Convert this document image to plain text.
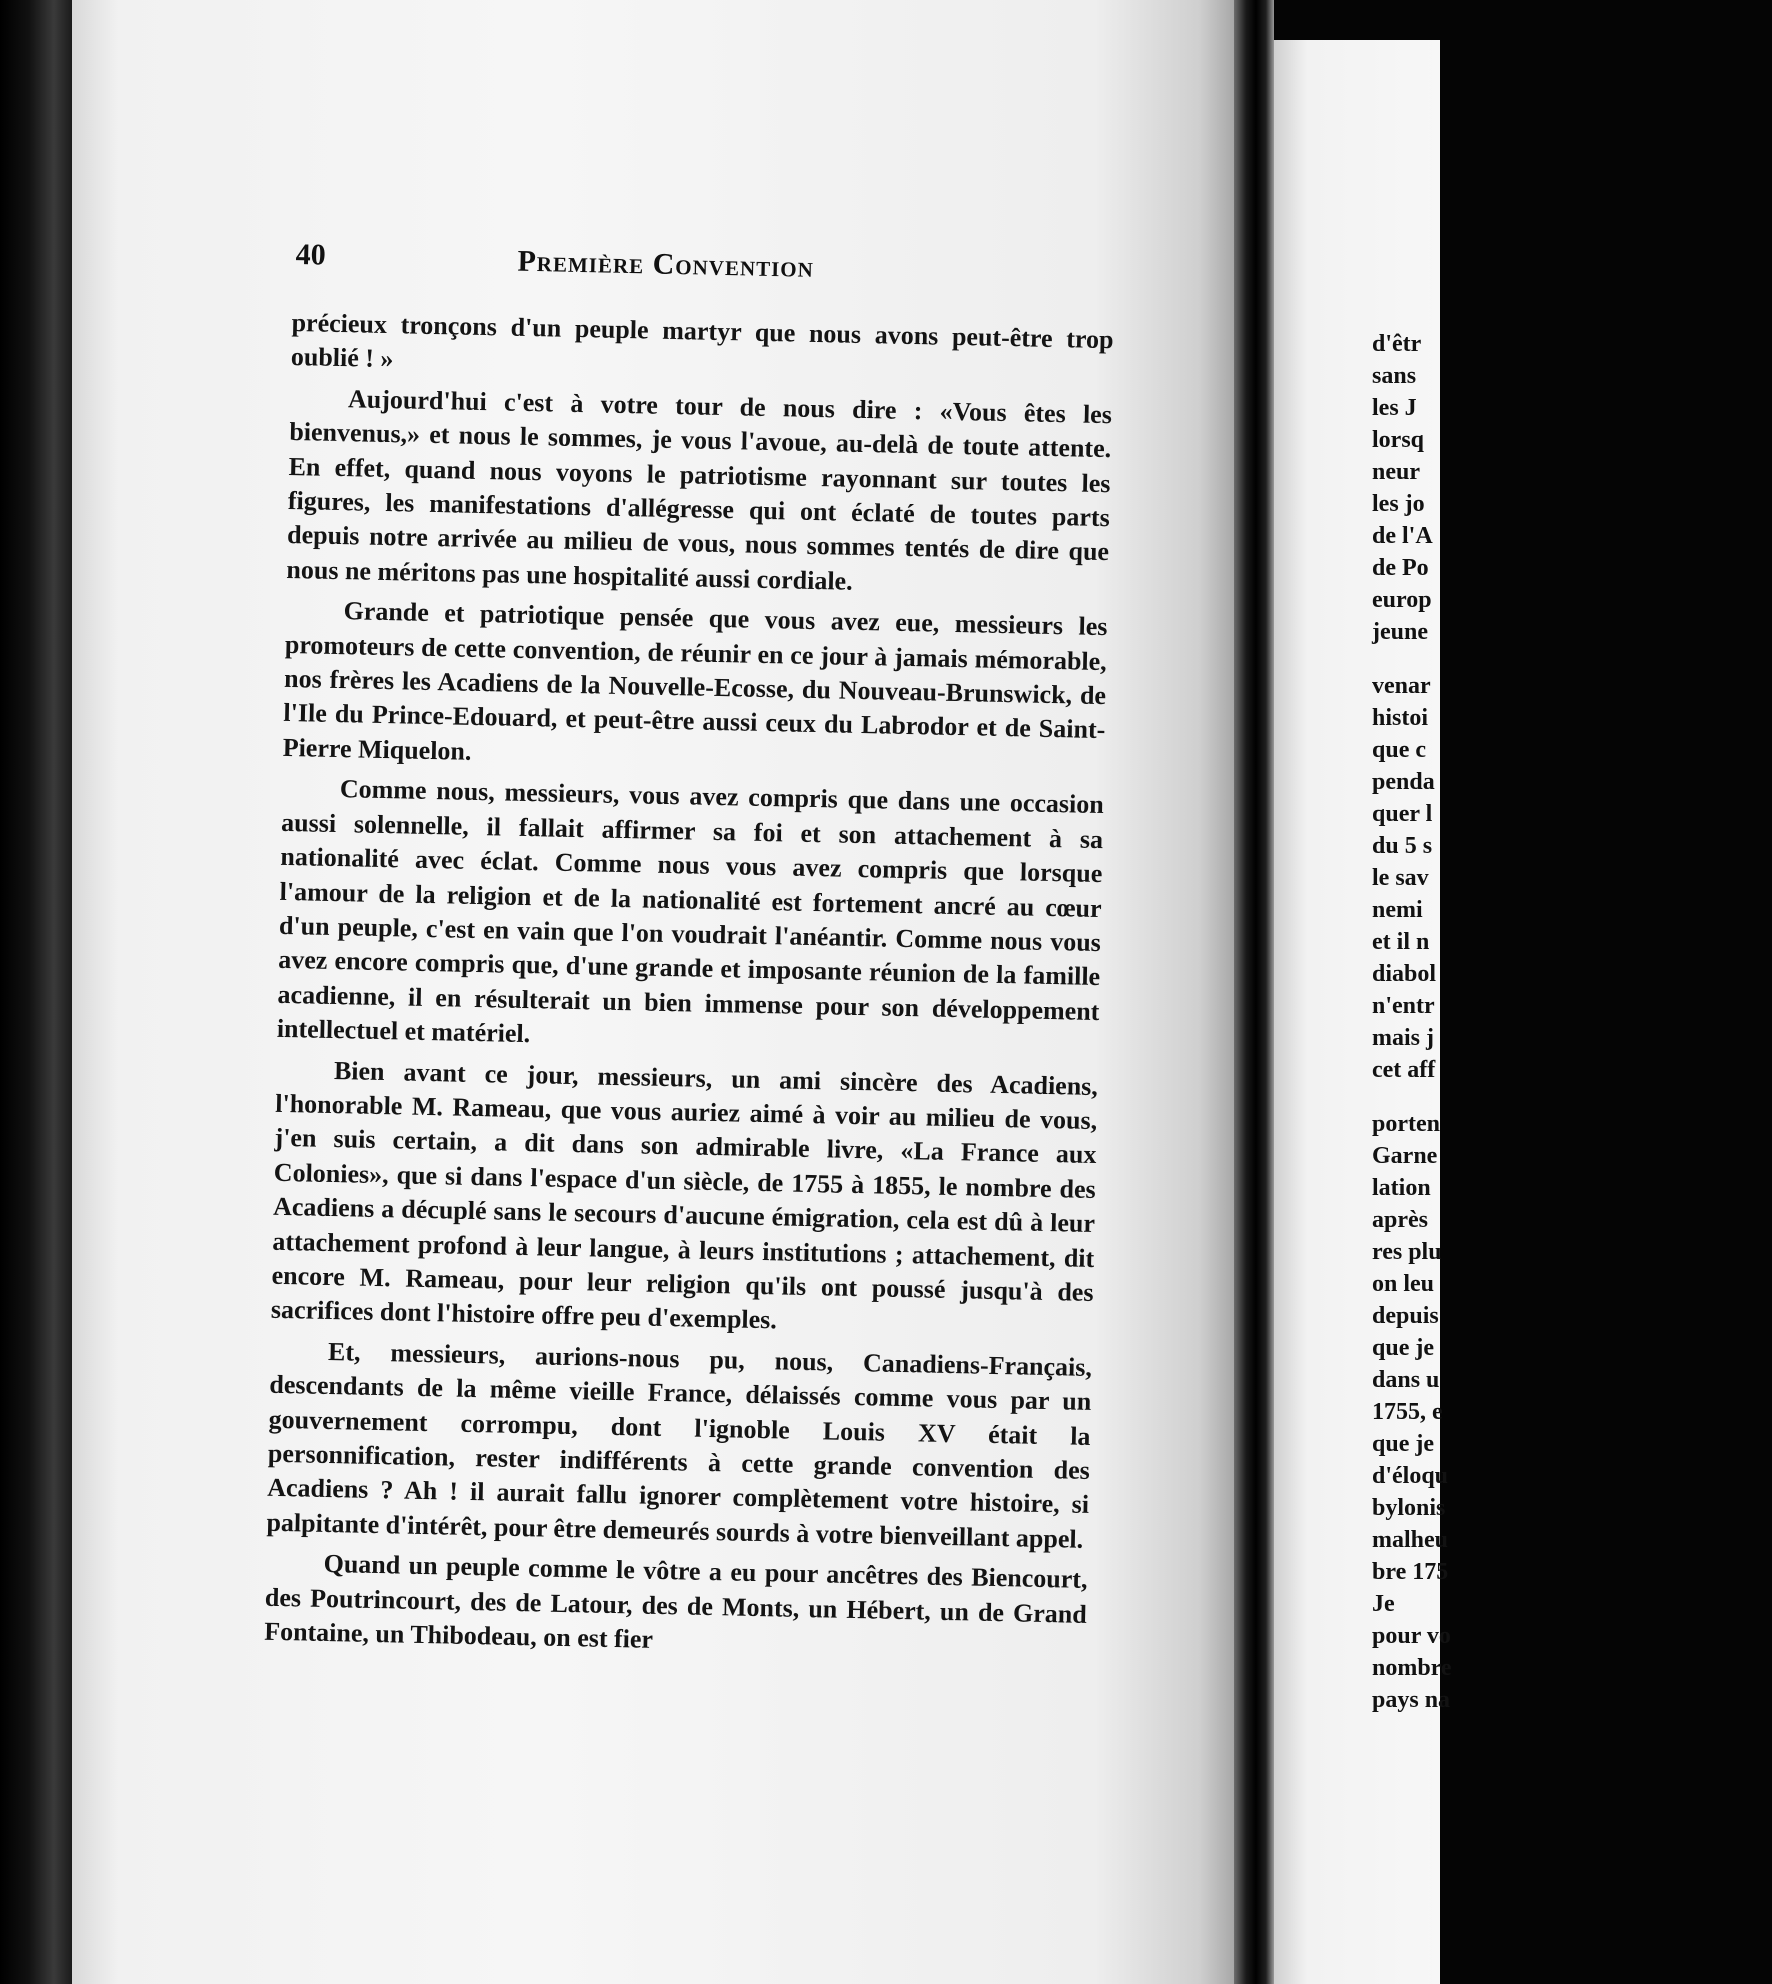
d'êtr
sans
les J
lorsq
neur
les jo
de l'A
de Po
europ
jeune
venar
histoi
que c
penda
quer l
du 5 s
le sav
nemi
et il n
diabol
n'entr
mais j
cet aff
porten
Garne
lation
après
res plu
on leu
depuis
que je
dans u
1755, e
que je
d'éloqu
bylonis
malheu
bre 175
Je
pour vo
nombre
pays na
40	Première Convention

précieux tronçons d'un peuple martyr que nous avons peut-être trop oublié ! »

Aujourd'hui c'est à votre tour de nous dire : «Vous êtes les bienvenus,» et nous le sommes, je vous l'avoue, au-delà de toute attente. En effet, quand nous voyons le patriotisme rayonnant sur toutes les figures, les manifestations d'allégresse qui ont éclaté de toutes parts depuis notre arrivée au milieu de vous, nous sommes tentés de dire que nous ne méritons pas une hospitalité aussi cordiale.

Grande et patriotique pensée que vous avez eue, messieurs les promoteurs de cette convention, de réunir en ce jour à jamais mémorable, nos frères les Acadiens de la Nouvelle-Ecosse, du Nouveau-Brunswick, de l'Ile du Prince-Edouard, et peut-être aussi ceux du Labrodor et de Saint-Pierre Miquelon.

Comme nous, messieurs, vous avez compris que dans une occasion aussi solennelle, il fallait affirmer sa foi et son attachement à sa nationalité avec éclat. Comme nous vous avez compris que lorsque l'amour de la religion et de la nationalité est fortement ancré au cœur d'un peuple, c'est en vain que l'on voudrait l'anéantir. Comme nous vous avez encore compris que, d'une grande et imposante réunion de la famille acadienne, il en résulterait un bien immense pour son développement intellectuel et matériel.

Bien avant ce jour, messieurs, un ami sincère des Acadiens, l'honorable M. Rameau, que vous auriez aimé à voir au milieu de vous, j'en suis certain, a dit dans son admirable livre, «La France aux Colonies», que si dans l'espace d'un siècle, de 1755 à 1855, le nombre des Acadiens a décuplé sans le secours d'aucune émigration, cela est dû à leur attachement profond à leur langue, à leurs institutions ; attachement, dit encore M. Rameau, pour leur religion qu'ils ont poussé jusqu'à des sacrifices dont l'histoire offre peu d'exemples.

Et, messieurs, aurions-nous pu, nous, Canadiens-Français, descendants de la même vieille France, délaissés comme vous par un gouvernement corrompu, dont l'ignoble Louis XV était la personnification, rester indifférents à cette grande convention des Acadiens ? Ah ! il aurait fallu ignorer complètement votre histoire, si palpitante d'intérêt, pour être demeurés sourds à votre bienveillant appel.

Quand un peuple comme le vôtre a eu pour ancêtres des Biencourt, des Poutrincourt, des de Latour, des de Monts, un Hébert, un de Grand Fontaine, un Thibodeau, on est fier
